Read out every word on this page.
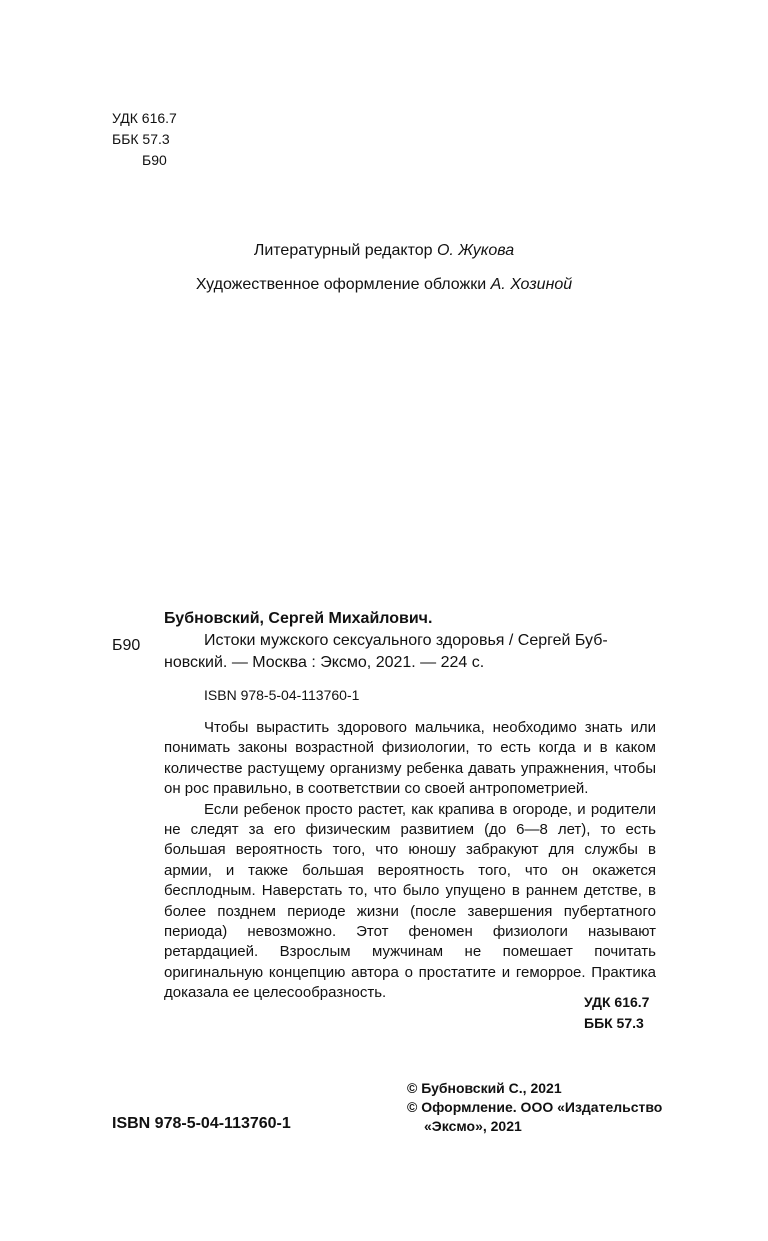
УДК 616.7
ББК 57.3
Б90
Литературный редактор О. Жукова
Художественное оформление обложки А. Хозиной
Бубновский, Сергей Михайлович.
Б90	Истоки мужского сексуального здоровья / Сергей Буб-
новский. — Москва : Эксмо, 2021. — 224 с.
ISBN 978-5-04-113760-1
Чтобы вырастить здорового мальчика, необходимо знать или понимать законы возрастной физиологии, то есть когда и в каком количестве растущему организму ребенка давать упражнения, чтобы он рос правильно, в соответствии со своей антропометрией.
Если ребенок просто растет, как крапива в огороде, и родители не следят за его физическим развитием (до 6—8 лет), то есть большая вероятность того, что юношу забракуют для службы в армии, и также большая вероятность того, что он окажется бесплодным. Наверстать то, что было упущено в раннем детстве, в более позднем периоде жизни (после завершения пубертатного периода) невозможно. Этот феномен физиологи называют ретардацией. Взрослым мужчинам не помешает почитать оригинальную концепцию автора о простатите и геморрое. Практика доказала ее целесообразность.
УДК 616.7
ББК 57.3
© Бубновский С., 2021
© Оформление. ООО «Издательство
«Эксмо», 2021
ISBN 978-5-04-113760-1
